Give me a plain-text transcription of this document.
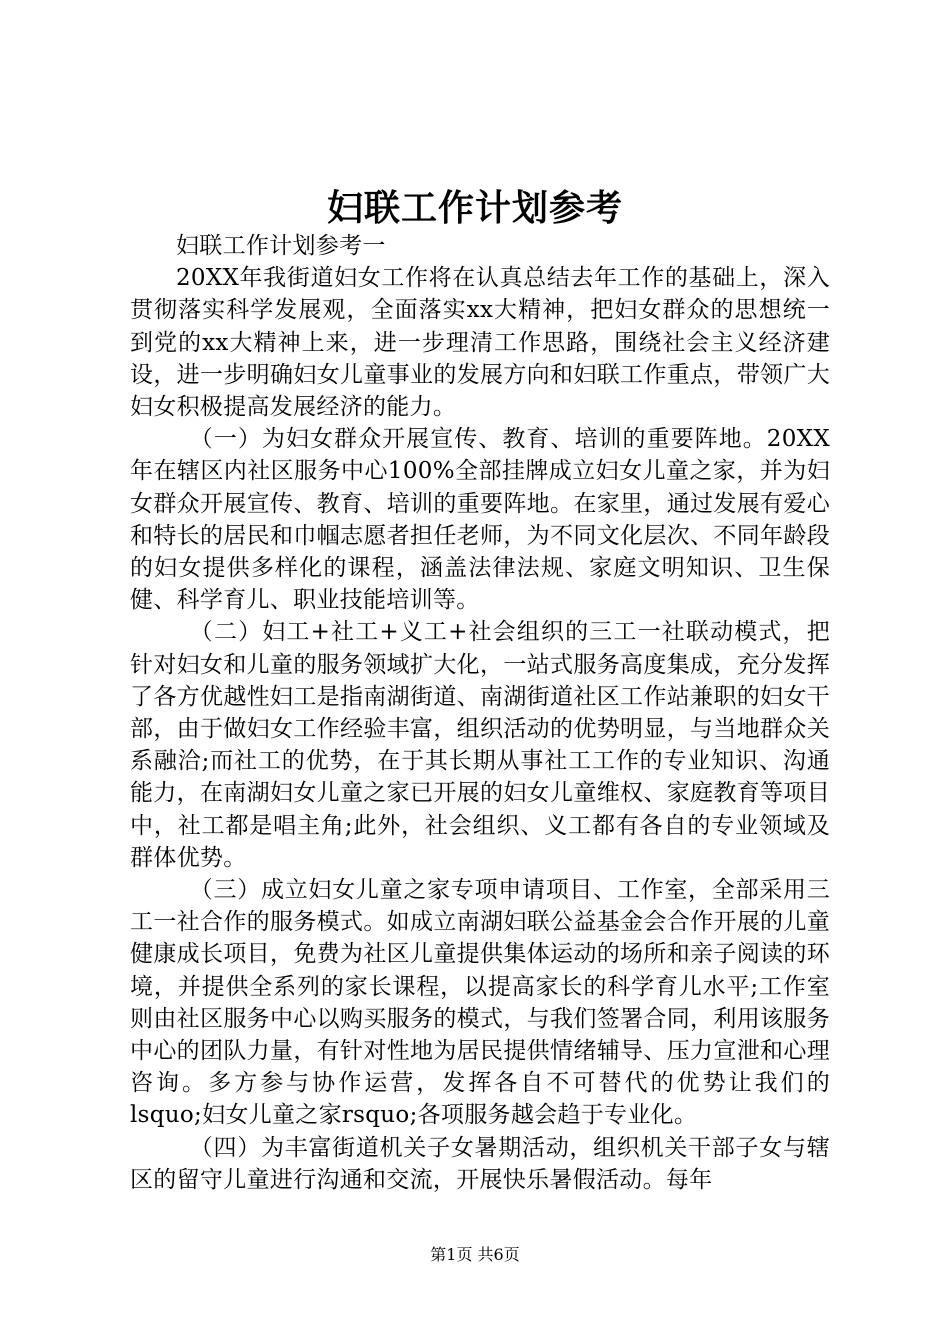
妇联工作计划参考

妇联工作计划参考一

20XX年我街道妇女工作将在认真总结去年工作的基础上，深入贯彻落实科学发展观，全面落实xx大精神，把妇女群众的思想统一到党的xx大精神上来，进一步理清工作思路，围绕社会主义经济建设，进一步明确妇女儿童事业的发展方向和妇联工作重点，带领广大妇女积极提高发展经济的能力。

（一）为妇女群众开展宣传、教育、培训的重要阵地。20XX年在辖区内社区服务中心100%全部挂牌成立妇女儿童之家，并为妇女群众开展宣传、教育、培训的重要阵地。在家里，通过发展有爱心和特长的居民和巾帼志愿者担任老师，为不同文化层次、不同年龄段的妇女提供多样化的课程，涵盖法律法规、家庭文明知识、卫生保健、科学育儿、职业技能培训等。

（二）妇工+社工+义工+社会组织的三工一社联动模式，把针对妇女和儿童的服务领域扩大化，一站式服务高度集成，充分发挥了各方优越性妇工是指南湖街道、南湖街道社区工作站兼职的妇女干部，由于做妇女工作经验丰富，组织活动的优势明显，与当地群众关系融洽;而社工的优势，在于其长期从事社工工作的专业知识、沟通能力，在南湖妇女儿童之家已开展的妇女儿童维权、家庭教育等项目中，社工都是唱主角;此外，社会组织、义工都有各自的专业领域及群体优势。

（三）成立妇女儿童之家专项申请项目、工作室，全部采用三工一社合作的服务模式。如成立南湖妇联公益基金会合作开展的儿童健康成长项目，免费为社区儿童提供集体运动的场所和亲子阅读的环境，并提供全系列的家长课程，以提高家长的科学育儿水平;工作室则由社区服务中心以购买服务的模式，与我们签署合同，利用该服务中心的团队力量，有针对性地为居民提供情绪辅导、压力宣泄和心理咨询。多方参与协作运营，发挥各自不可替代的优势让我们的lsquo;妇女儿童之家rsquo;各项服务越会趋于专业化。

（四）为丰富街道机关子女暑期活动，组织机关干部子女与辖区的留守儿童进行沟通和交流，开展快乐暑假活动。每年

第1页 共6页
